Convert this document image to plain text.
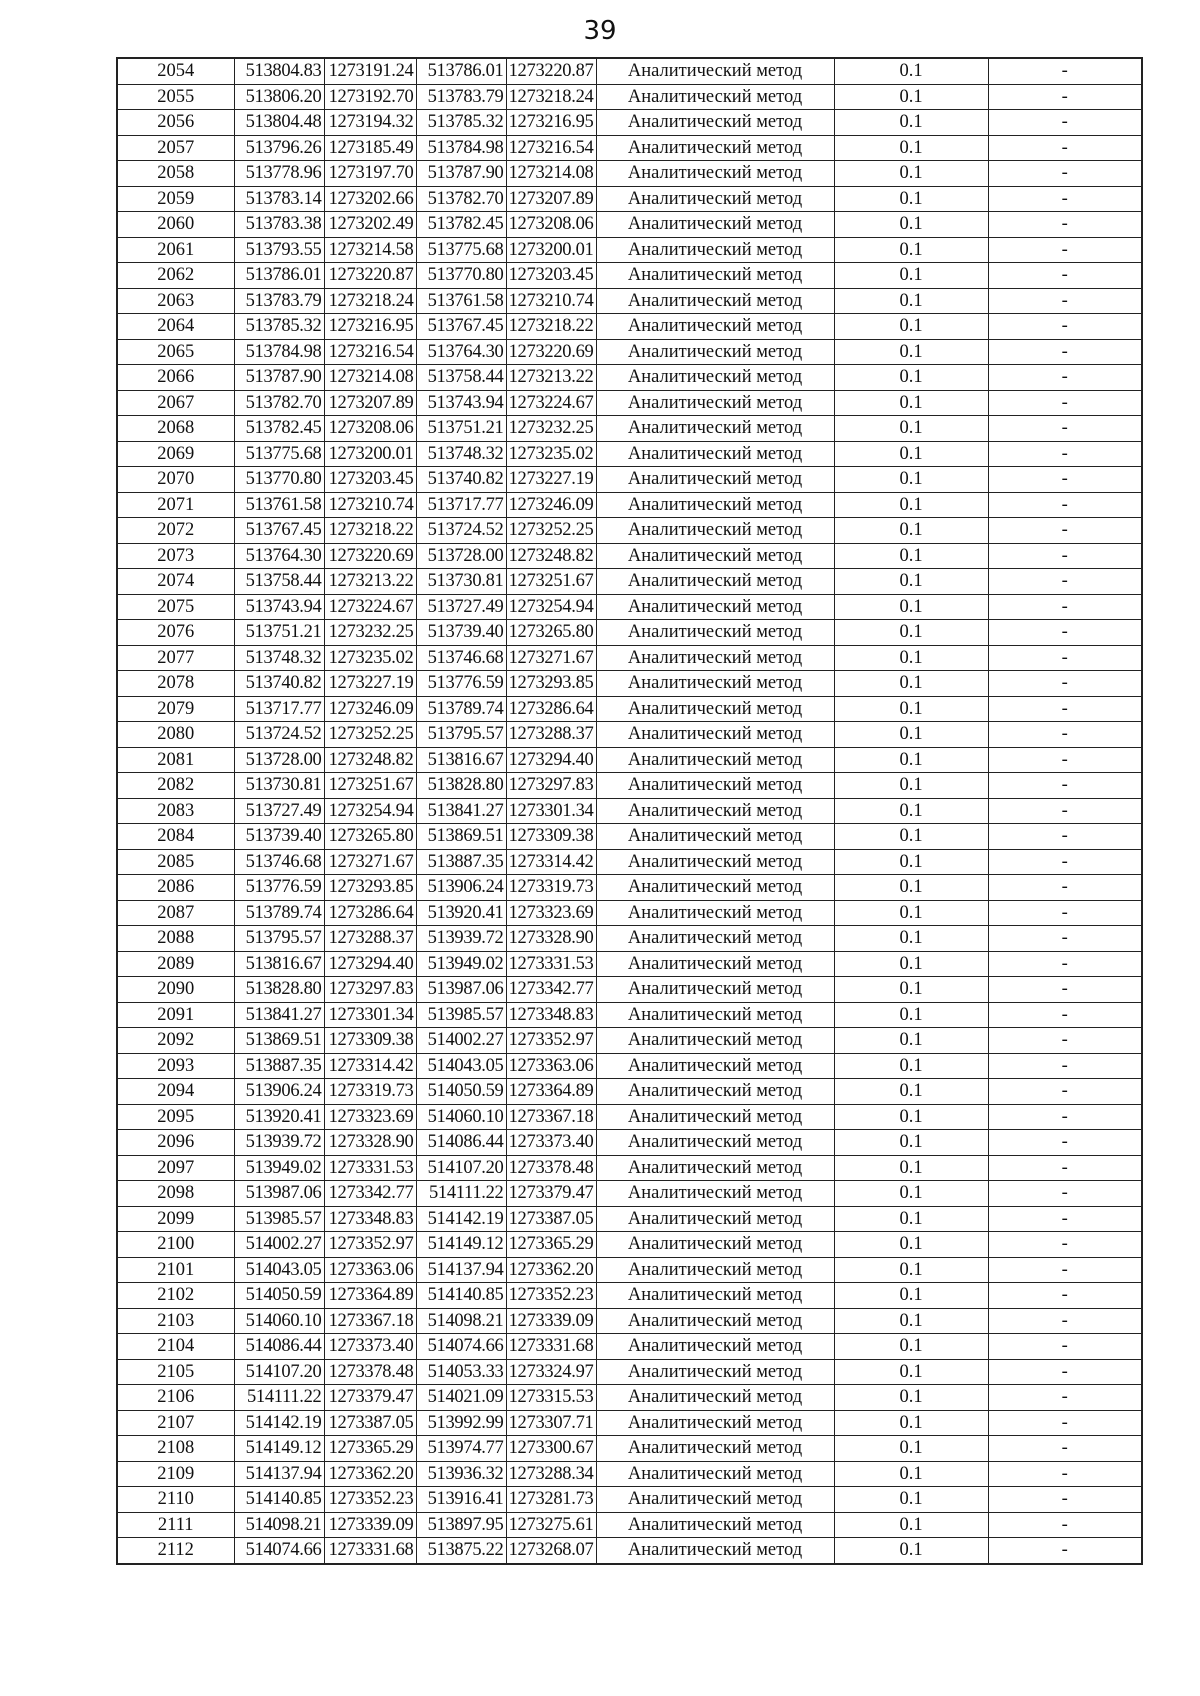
39
2054	513804.83	1273191.24	513786.01	1273220.87	Аналитический метод	0.1	-
2055	513806.20	1273192.70	513783.79	1273218.24	Аналитический метод	0.1	-
2056	513804.48	1273194.32	513785.32	1273216.95	Аналитический метод	0.1	-
2057	513796.26	1273185.49	513784.98	1273216.54	Аналитический метод	0.1	-
2058	513778.96	1273197.70	513787.90	1273214.08	Аналитический метод	0.1	-
2059	513783.14	1273202.66	513782.70	1273207.89	Аналитический метод	0.1	-
2060	513783.38	1273202.49	513782.45	1273208.06	Аналитический метод	0.1	-
2061	513793.55	1273214.58	513775.68	1273200.01	Аналитический метод	0.1	-
2062	513786.01	1273220.87	513770.80	1273203.45	Аналитический метод	0.1	-
2063	513783.79	1273218.24	513761.58	1273210.74	Аналитический метод	0.1	-
2064	513785.32	1273216.95	513767.45	1273218.22	Аналитический метод	0.1	-
2065	513784.98	1273216.54	513764.30	1273220.69	Аналитический метод	0.1	-
2066	513787.90	1273214.08	513758.44	1273213.22	Аналитический метод	0.1	-
2067	513782.70	1273207.89	513743.94	1273224.67	Аналитический метод	0.1	-
2068	513782.45	1273208.06	513751.21	1273232.25	Аналитический метод	0.1	-
2069	513775.68	1273200.01	513748.32	1273235.02	Аналитический метод	0.1	-
2070	513770.80	1273203.45	513740.82	1273227.19	Аналитический метод	0.1	-
2071	513761.58	1273210.74	513717.77	1273246.09	Аналитический метод	0.1	-
2072	513767.45	1273218.22	513724.52	1273252.25	Аналитический метод	0.1	-
2073	513764.30	1273220.69	513728.00	1273248.82	Аналитический метод	0.1	-
2074	513758.44	1273213.22	513730.81	1273251.67	Аналитический метод	0.1	-
2075	513743.94	1273224.67	513727.49	1273254.94	Аналитический метод	0.1	-
2076	513751.21	1273232.25	513739.40	1273265.80	Аналитический метод	0.1	-
2077	513748.32	1273235.02	513746.68	1273271.67	Аналитический метод	0.1	-
2078	513740.82	1273227.19	513776.59	1273293.85	Аналитический метод	0.1	-
2079	513717.77	1273246.09	513789.74	1273286.64	Аналитический метод	0.1	-
2080	513724.52	1273252.25	513795.57	1273288.37	Аналитический метод	0.1	-
2081	513728.00	1273248.82	513816.67	1273294.40	Аналитический метод	0.1	-
2082	513730.81	1273251.67	513828.80	1273297.83	Аналитический метод	0.1	-
2083	513727.49	1273254.94	513841.27	1273301.34	Аналитический метод	0.1	-
2084	513739.40	1273265.80	513869.51	1273309.38	Аналитический метод	0.1	-
2085	513746.68	1273271.67	513887.35	1273314.42	Аналитический метод	0.1	-
2086	513776.59	1273293.85	513906.24	1273319.73	Аналитический метод	0.1	-
2087	513789.74	1273286.64	513920.41	1273323.69	Аналитический метод	0.1	-
2088	513795.57	1273288.37	513939.72	1273328.90	Аналитический метод	0.1	-
2089	513816.67	1273294.40	513949.02	1273331.53	Аналитический метод	0.1	-
2090	513828.80	1273297.83	513987.06	1273342.77	Аналитический метод	0.1	-
2091	513841.27	1273301.34	513985.57	1273348.83	Аналитический метод	0.1	-
2092	513869.51	1273309.38	514002.27	1273352.97	Аналитический метод	0.1	-
2093	513887.35	1273314.42	514043.05	1273363.06	Аналитический метод	0.1	-
2094	513906.24	1273319.73	514050.59	1273364.89	Аналитический метод	0.1	-
2095	513920.41	1273323.69	514060.10	1273367.18	Аналитический метод	0.1	-
2096	513939.72	1273328.90	514086.44	1273373.40	Аналитический метод	0.1	-
2097	513949.02	1273331.53	514107.20	1273378.48	Аналитический метод	0.1	-
2098	513987.06	1273342.77	514111.22	1273379.47	Аналитический метод	0.1	-
2099	513985.57	1273348.83	514142.19	1273387.05	Аналитический метод	0.1	-
2100	514002.27	1273352.97	514149.12	1273365.29	Аналитический метод	0.1	-
2101	514043.05	1273363.06	514137.94	1273362.20	Аналитический метод	0.1	-
2102	514050.59	1273364.89	514140.85	1273352.23	Аналитический метод	0.1	-
2103	514060.10	1273367.18	514098.21	1273339.09	Аналитический метод	0.1	-
2104	514086.44	1273373.40	514074.66	1273331.68	Аналитический метод	0.1	-
2105	514107.20	1273378.48	514053.33	1273324.97	Аналитический метод	0.1	-
2106	514111.22	1273379.47	514021.09	1273315.53	Аналитический метод	0.1	-
2107	514142.19	1273387.05	513992.99	1273307.71	Аналитический метод	0.1	-
2108	514149.12	1273365.29	513974.77	1273300.67	Аналитический метод	0.1	-
2109	514137.94	1273362.20	513936.32	1273288.34	Аналитический метод	0.1	-
2110	514140.85	1273352.23	513916.41	1273281.73	Аналитический метод	0.1	-
2111	514098.21	1273339.09	513897.95	1273275.61	Аналитический метод	0.1	-
2112	514074.66	1273331.68	513875.22	1273268.07	Аналитический метод	0.1	-
